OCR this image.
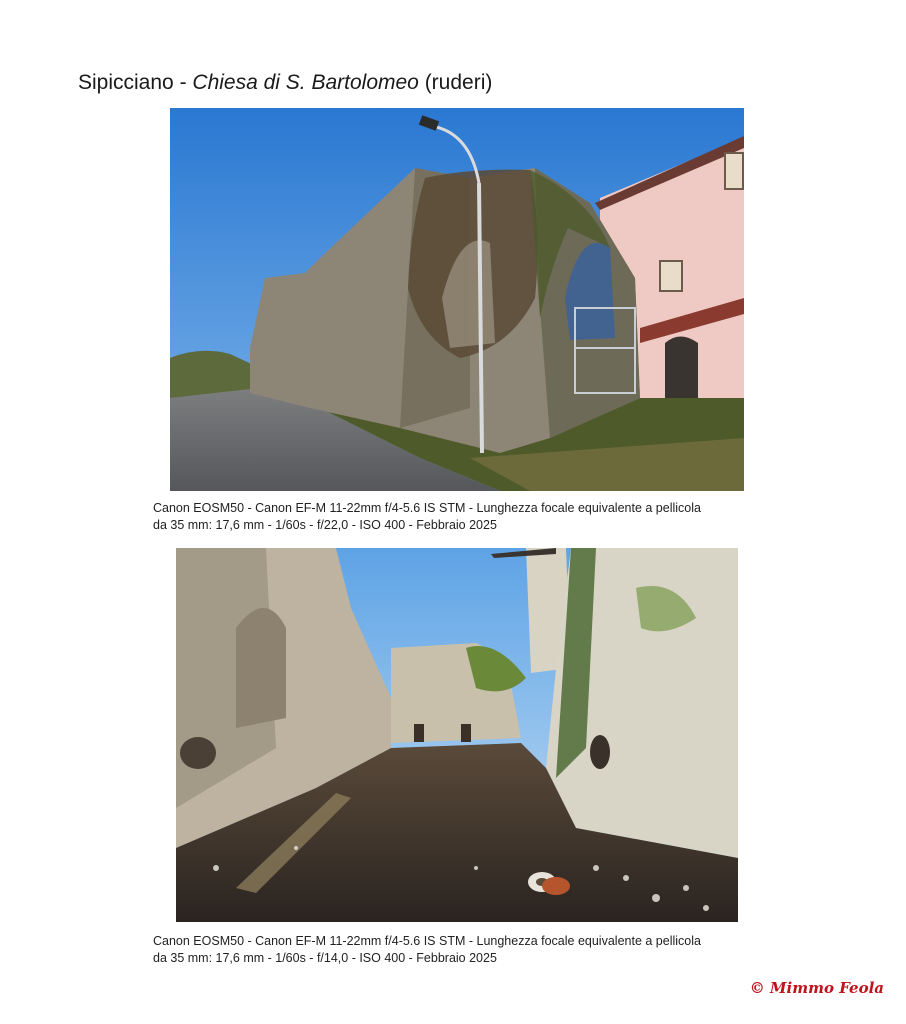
Sipicciano - Chiesa di S. Bartolomeo (ruderi)
Canon EOSM50 - Canon EF-M 11-22mm f/4-5.6 IS STM - Lunghezza focale equivalente a pellicola
da 35 mm: 17,6 mm - 1/60s - f/22,0 - ISO 400 - Febbraio 2025
Canon EOSM50 - Canon EF-M 11-22mm f/4-5.6 IS STM - Lunghezza focale equivalente a pellicola
da 35 mm: 17,6 mm - 1/60s - f/14,0 - ISO 400 - Febbraio 2025
© Mimmo Feola
